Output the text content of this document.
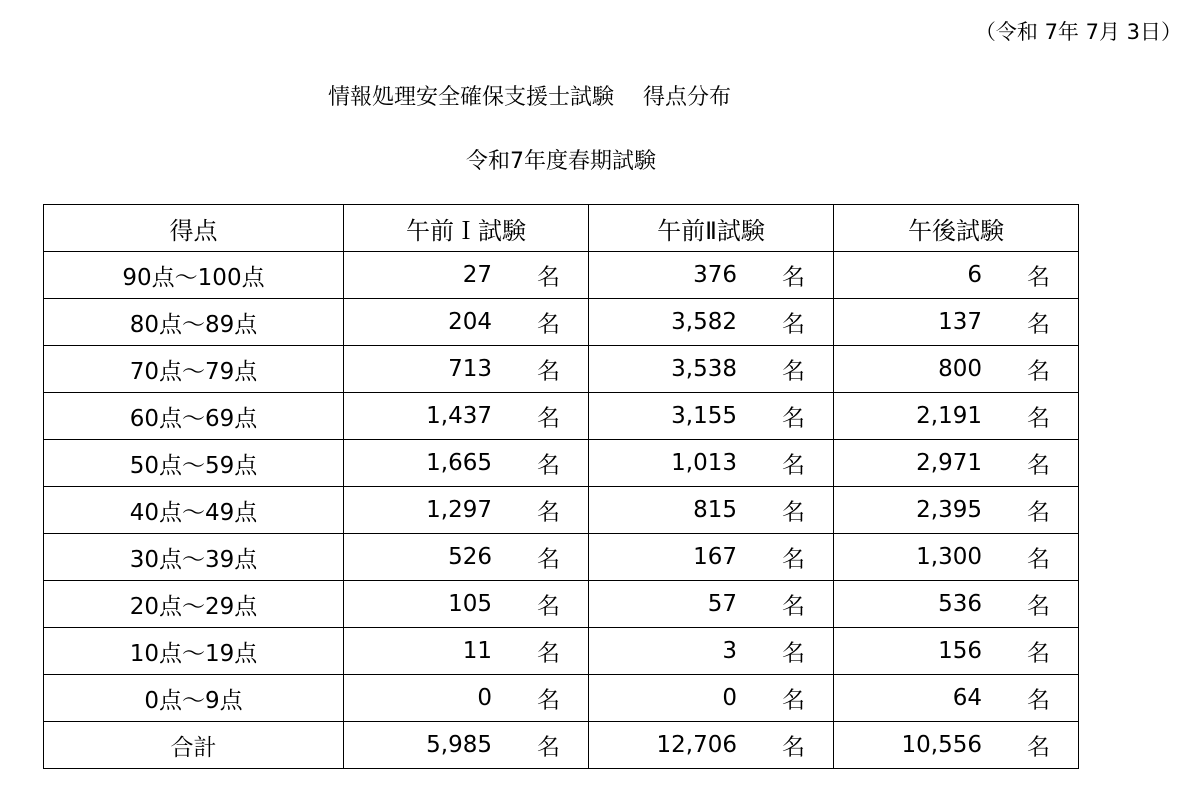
（令和 7年 7月 3日）
情報処理安全確保支援士試験　 得点分布
令和7年度春期試験
得点	午前Ｉ試験	午前Ⅱ試験	午後試験
90点～100点	27 名	376 名	6 名

80点～89点	204 名	3,582 名	137 名

70点～79点	713 名	3,538 名	800 名

60点～69点	1,437 名	3,155 名	2,191 名

50点～59点	1,665 名	1,013 名	2,971 名

40点～49点	1,297 名	815 名	2,395 名

30点～39点	526 名	167 名	1,300 名

20点～29点	105 名	57 名	536 名

10点～19点	11 名	3 名	156 名

0点～9点	0 名	0 名	64 名

合計	5,985 名	12,706 名	10,556 名
